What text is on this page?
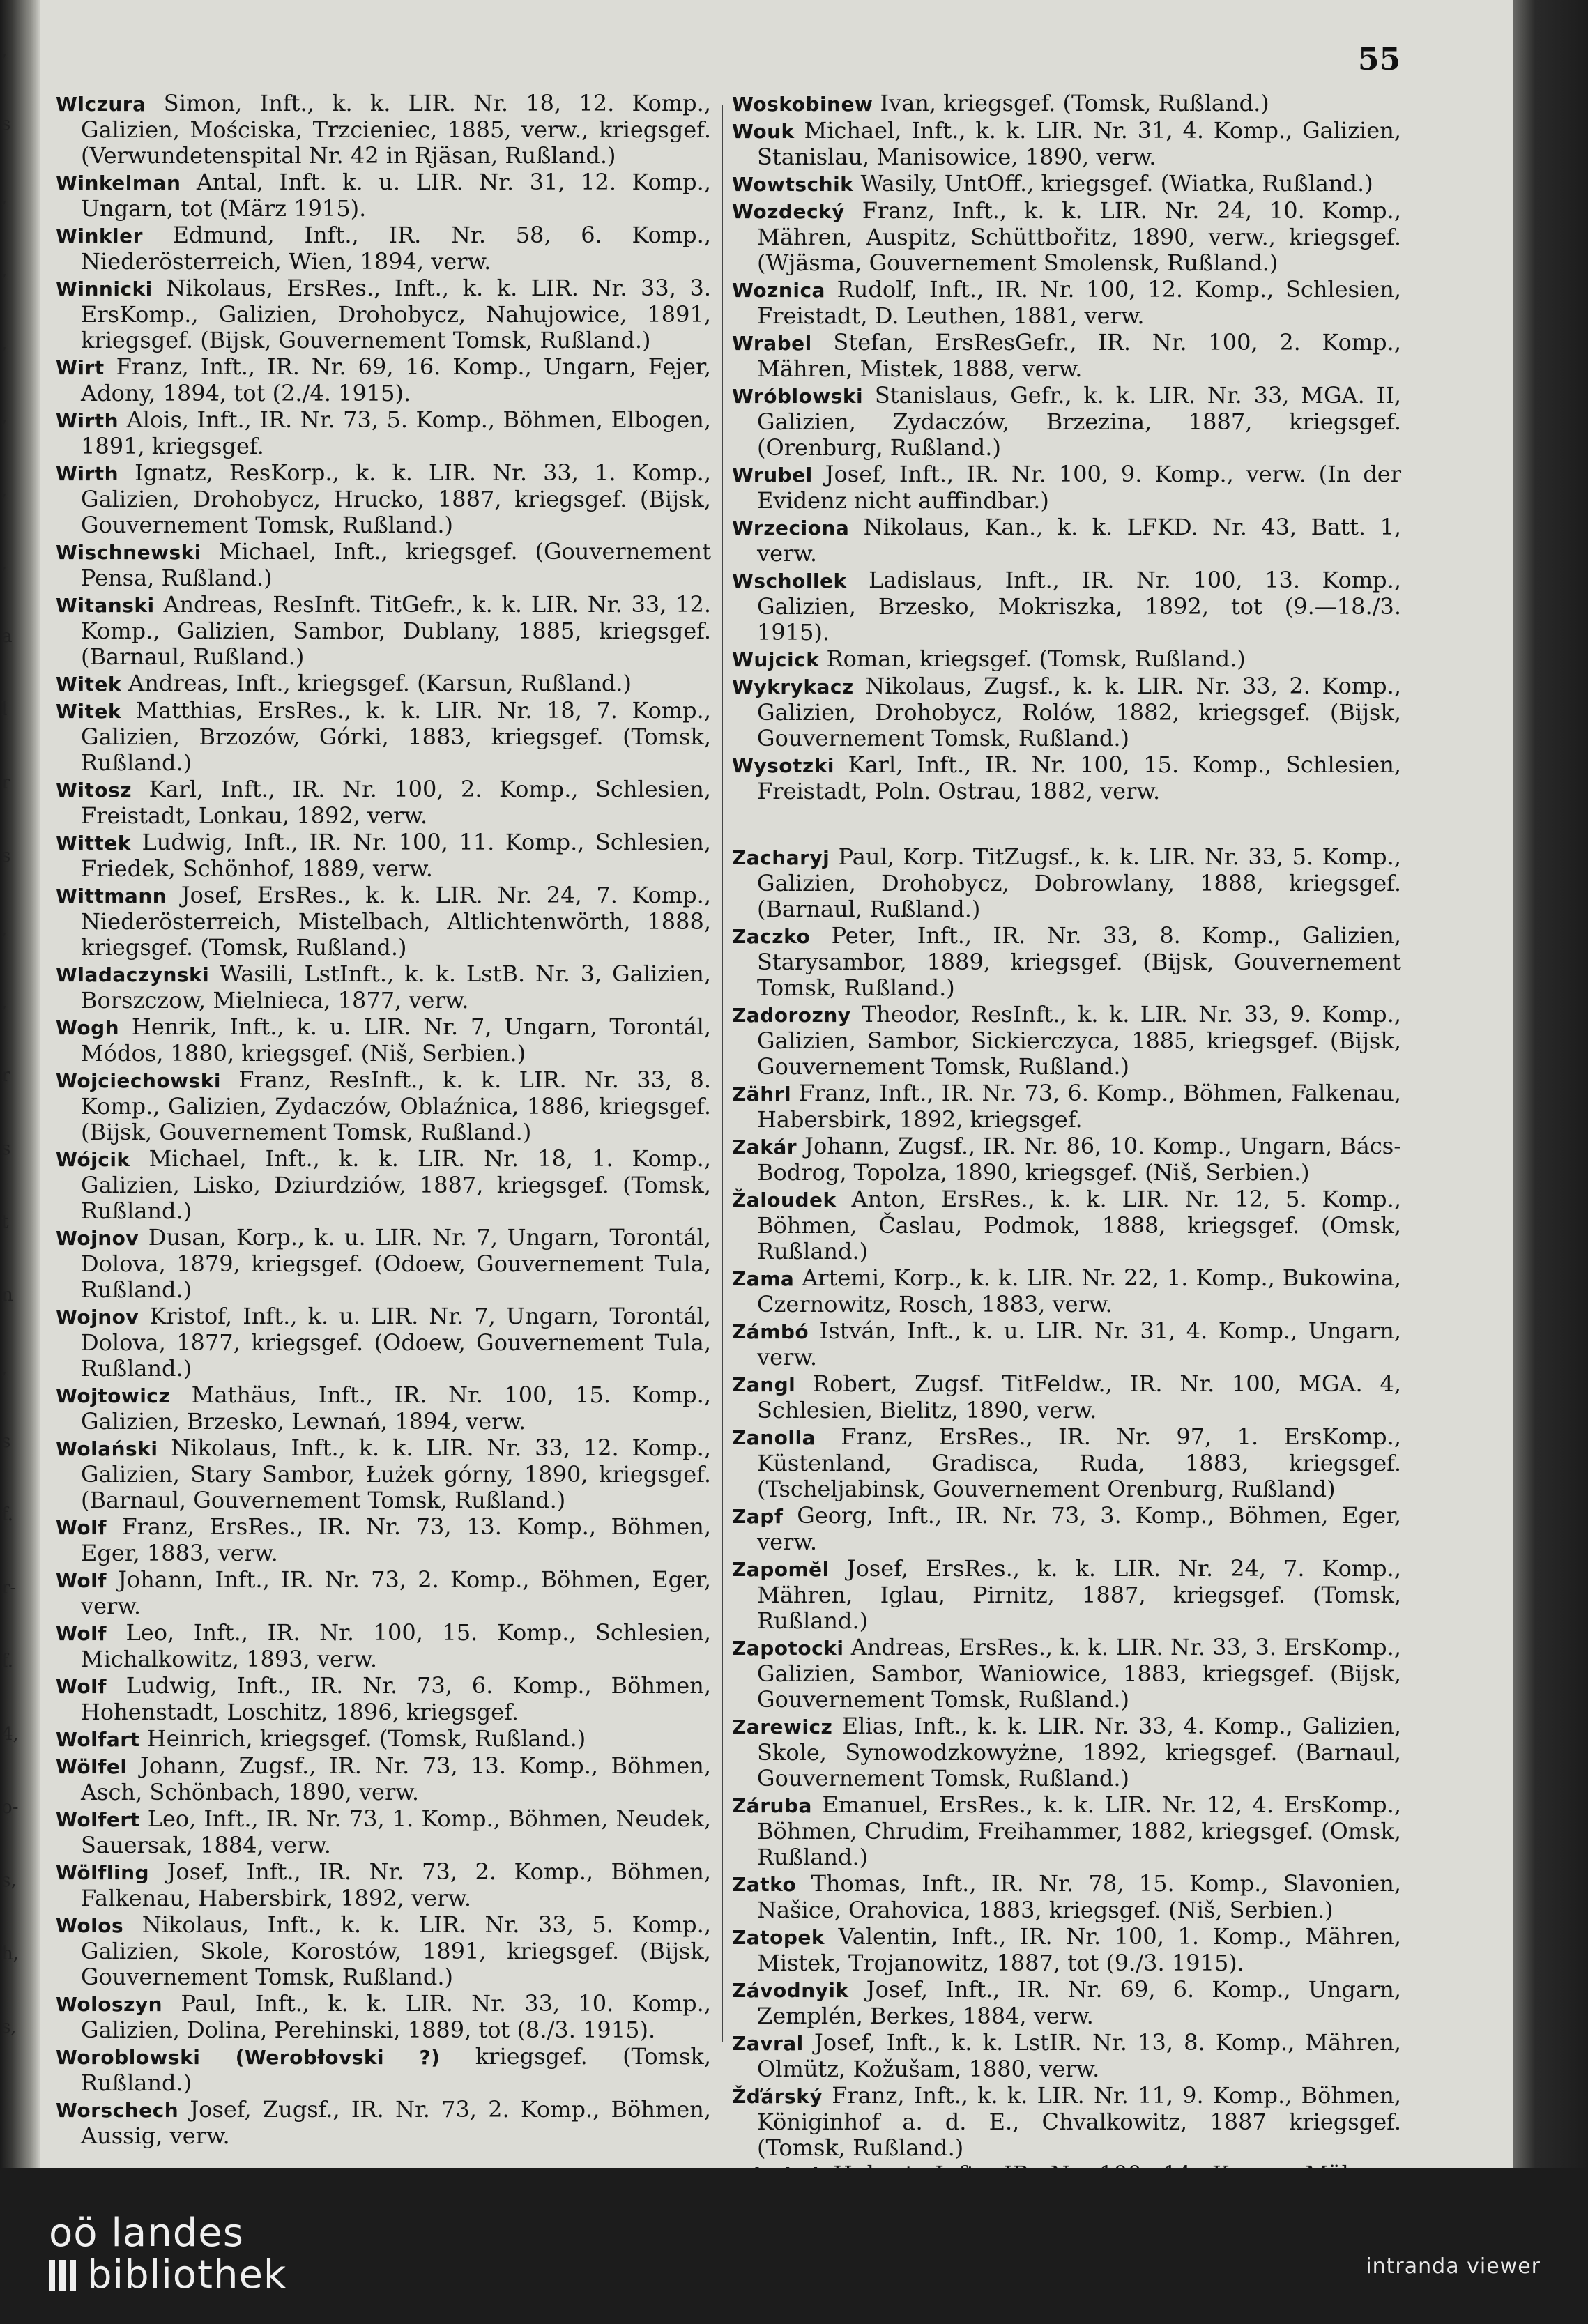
,
s
,
,
,
,
,
,
a
l
r
s
,
,
r
s
t
n
,
s
f.
r-
f.
4,
o-
s,
h,
s,
55
Wlczura Simon, Inft., k. k. LIR. Nr. 18, 12. Komp., Galizien, Mościska, Trzcieniec, 1885, verw., kriegsgef. (Verwundetenspital Nr. 42 in Rjäsan, Rußland.)
Winkelman Antal, Inft. k. u. LIR. Nr. 31, 12. Komp., Ungarn, tot (März 1915).
Winkler Edmund, Inft., IR. Nr. 58, 6. Komp., Niederösterreich, Wien, 1894, verw.
Winnicki Nikolaus, ErsRes., Inft., k. k. LIR. Nr. 33, 3. ErsKomp., Galizien, Drohobycz, Nahujowice, 1891, kriegsgef. (Bijsk, Gouvernement Tomsk, Rußland.)
Wirt Franz, Inft., IR. Nr. 69, 16. Komp., Ungarn, Fejer, Adony, 1894, tot (2./4. 1915).
Wirth Alois, Inft., IR. Nr. 73, 5. Komp., Böhmen, Elbogen, 1891, kriegsgef.
Wirth Ignatz, ResKorp., k. k. LIR. Nr. 33, 1. Komp., Galizien, Drohobycz, Hrucko, 1887, kriegsgef. (Bijsk, Gouvernement Tomsk, Rußland.)
Wischnewski Michael, Inft., kriegsgef. (Gouvernement Pensa, Rußland.)
Witanski Andreas, ResInft. TitGefr., k. k. LIR. Nr. 33, 12. Komp., Galizien, Sambor, Dublany, 1885, kriegsgef. (Barnaul, Rußland.)
Witek Andreas, Inft., kriegsgef. (Karsun, Rußland.)
Witek Matthias, ErsRes., k. k. LIR. Nr. 18, 7. Komp., Galizien, Brzozów, Górki, 1883, kriegsgef. (Tomsk, Rußland.)
Witosz Karl, Inft., IR. Nr. 100, 2. Komp., Schlesien, Freistadt, Lonkau, 1892, verw.
Wittek Ludwig, Inft., IR. Nr. 100, 11. Komp., Schlesien, Friedek, Schönhof, 1889, verw.
Wittmann Josef, ErsRes., k. k. LIR. Nr. 24, 7. Komp., Niederösterreich, Mistelbach, Altlichtenwörth, 1888, kriegsgef. (Tomsk, Rußland.)
Wladaczynski Wasili, LstInft., k. k. LstB. Nr. 3, Galizien, Borszczow, Mielnieca, 1877, verw.
Wogh Henrik, Inft., k. u. LIR. Nr. 7, Ungarn, Torontál, Módos, 1880, kriegsgef. (Niš, Serbien.)
Wojciechowski Franz, ResInft., k. k. LIR. Nr. 33, 8. Komp., Galizien, Zydaczów, Oblaźnica, 1886, kriegsgef. (Bijsk, Gouvernement Tomsk, Rußland.)
Wójcik Michael, Inft., k. k. LIR. Nr. 18, 1. Komp., Galizien, Lisko, Dziurdziów, 1887, kriegsgef. (Tomsk, Rußland.)
Wojnov Dusan, Korp., k. u. LIR. Nr. 7, Ungarn, Torontál, Dolova, 1879, kriegsgef. (Odoew, Gouvernement Tula, Rußland.)
Wojnov Kristof, Inft., k. u. LIR. Nr. 7, Ungarn, Torontál, Dolova, 1877, kriegsgef. (Odoew, Gouvernement Tula, Rußland.)
Wojtowicz Mathäus, Inft., IR. Nr. 100, 15. Komp., Galizien, Brzesko, Lewnań, 1894, verw.
Wolański Nikolaus, Inft., k. k. LIR. Nr. 33, 12. Komp., Galizien, Stary Sambor, Łużek górny, 1890, kriegsgef. (Barnaul, Gouvernement Tomsk, Rußland.)
Wolf Franz, ErsRes., IR. Nr. 73, 13. Komp., Böhmen, Eger, 1883, verw.
Wolf Johann, Inft., IR. Nr. 73, 2. Komp., Böhmen, Eger, verw.
Wolf Leo, Inft., IR. Nr. 100, 15. Komp., Schlesien, Michalkowitz, 1893, verw.
Wolf Ludwig, Inft., IR. Nr. 73, 6. Komp., Böhmen, Hohenstadt, Loschitz, 1896, kriegsgef.
Wolfart Heinrich, kriegsgef. (Tomsk, Rußland.)
Wölfel Johann, Zugsf., IR. Nr. 73, 13. Komp., Böhmen, Asch, Schönbach, 1890, verw.
Wolfert Leo, Inft., IR. Nr. 73, 1. Komp., Böhmen, Neudek, Sauersak, 1884, verw.
Wölfling Josef, Inft., IR. Nr. 73, 2. Komp., Böhmen, Falkenau, Habersbirk, 1892, verw.
Wolos Nikolaus, Inft., k. k. LIR. Nr. 33, 5. Komp., Galizien, Skole, Korostów, 1891, kriegsgef. (Bijsk, Gouvernement Tomsk, Rußland.)
Woloszyn Paul, Inft., k. k. LIR. Nr. 33, 10. Komp., Galizien, Dolina, Perehinski, 1889, tot (8./3. 1915).
Woroblowski (Werobłovski ?) kriegsgef. (Tomsk, Rußland.)
Worschech Josef, Zugsf., IR. Nr. 73, 2. Komp., Böhmen, Aussig, verw.
Woskobinew Ivan, kriegsgef. (Tomsk, Rußland.)
Wouk Michael, Inft., k. k. LIR. Nr. 31, 4. Komp., Galizien, Stanislau, Manisowice, 1890, verw.
Wowtschik Wasily, UntOff., kriegsgef. (Wiatka, Rußland.)
Wozdecký Franz, Inft., k. k. LIR. Nr. 24, 10. Komp., Mähren, Auspitz, Schüttbořitz, 1890, verw., kriegsgef. (Wjäsma, Gouvernement Smolensk, Rußland.)
Woznica Rudolf, Inft., IR. Nr. 100, 12. Komp., Schlesien, Freistadt, D. Leuthen, 1881, verw.
Wrabel Stefan, ErsResGefr., IR. Nr. 100, 2. Komp., Mähren, Mistek, 1888, verw.
Wróblowski Stanislaus, Gefr., k. k. LIR. Nr. 33, MGA. II, Galizien, Zydaczów, Brzezina, 1887, kriegsgef. (Orenburg, Rußland.)
Wrubel Josef, Inft., IR. Nr. 100, 9. Komp., verw. (In der Evidenz nicht auffindbar.)
Wrzeciona Nikolaus, Kan., k. k. LFKD. Nr. 43, Batt. 1, verw.
Wschollek Ladislaus, Inft., IR. Nr. 100, 13. Komp., Galizien, Brzesko, Mokriszka, 1892, tot (9.—18./3. 1915).
Wujcick Roman, kriegsgef. (Tomsk, Rußland.)
Wykrykacz Nikolaus, Zugsf., k. k. LIR. Nr. 33, 2. Komp., Galizien, Drohobycz, Rolów, 1882, kriegsgef. (Bijsk, Gouvernement Tomsk, Rußland.)
Wysotzki Karl, Inft., IR. Nr. 100, 15. Komp., Schlesien, Freistadt, Poln. Ostrau, 1882, verw.
Zacharyj Paul, Korp. TitZugsf., k. k. LIR. Nr. 33, 5. Komp., Galizien, Drohobycz, Dobrowlany, 1888, kriegsgef. (Barnaul, Rußland.)
Zaczko Peter, Inft., IR. Nr. 33, 8. Komp., Galizien, Starysambor, 1889, kriegsgef. (Bijsk, Gouvernement Tomsk, Rußland.)
Zadorozny Theodor, ResInft., k. k. LIR. Nr. 33, 9. Komp., Galizien, Sambor, Sickierczyca, 1885, kriegsgef. (Bijsk, Gouvernement Tomsk, Rußland.)
Zährl Franz, Inft., IR. Nr. 73, 6. Komp., Böhmen, Falkenau, Habersbirk, 1892, kriegsgef.
Zakár Johann, Zugsf., IR. Nr. 86, 10. Komp., Ungarn, Bács-Bodrog, Topolza, 1890, kriegsgef. (Niš, Serbien.)
Žaloudek Anton, ErsRes., k. k. LIR. Nr. 12, 5. Komp., Böhmen, Časlau, Podmok, 1888, kriegsgef. (Omsk, Rußland.)
Zama Artemi, Korp., k. k. LIR. Nr. 22, 1. Komp., Bukowina, Czernowitz, Rosch, 1883, verw.
Zámbó István, Inft., k. u. LIR. Nr. 31, 4. Komp., Ungarn, verw.
Zangl Robert, Zugsf. TitFeldw., IR. Nr. 100, MGA. 4, Schlesien, Bielitz, 1890, verw.
Zanolla Franz, ErsRes., IR. Nr. 97, 1. ErsKomp., Küstenland, Gradisca, Ruda, 1883, kriegsgef. (Tscheljabinsk, Gouvernement Orenburg, Rußland)
Zapf Georg, Inft., IR. Nr. 73, 3. Komp., Böhmen, Eger, verw.
Zapomĕl Josef, ErsRes., k. k. LIR. Nr. 24, 7. Komp., Mähren, Iglau, Pirnitz, 1887, kriegsgef. (Tomsk, Rußland.)
Zapotocki Andreas, ErsRes., k. k. LIR. Nr. 33, 3. ErsKomp., Galizien, Sambor, Waniowice, 1883, kriegsgef. (Bijsk, Gouvernement Tomsk, Rußland.)
Zarewicz Elias, Inft., k. k. LIR. Nr. 33, 4. Komp., Galizien, Skole, Synowodzkowyżne, 1892, kriegsgef. (Barnaul, Gouvernement Tomsk, Rußland.)
Záruba Emanuel, ErsRes., k. k. LIR. Nr. 12, 4. ErsKomp., Böhmen, Chrudim, Freihammer, 1882, kriegsgef. (Omsk, Rußland.)
Zatko Thomas, Inft., IR. Nr. 78, 15. Komp., Slavonien, Našice, Orahovica, 1883, kriegsgef. (Niš, Serbien.)
Zatopek Valentin, Inft., IR. Nr. 100, 1. Komp., Mähren, Mistek, Trojanowitz, 1887, tot (9./3. 1915).
Závodnyik Josef, Inft., IR. Nr. 69, 6. Komp., Ungarn, Zemplén, Berkes, 1884, verw.
Zavral Josef, Inft., k. k. LstIR. Nr. 13, 8. Komp., Mähren, Olmütz, Kožušam, 1880, verw.
Žďárský Franz, Inft., k. k. LIR. Nr. 11, 9. Komp., Böhmen, Königinhof a. d. E., Chvalkowitz, 1887 kriegsgef. (Tomsk, Rußland.)
oö landes
bibliothek	intranda viewer
